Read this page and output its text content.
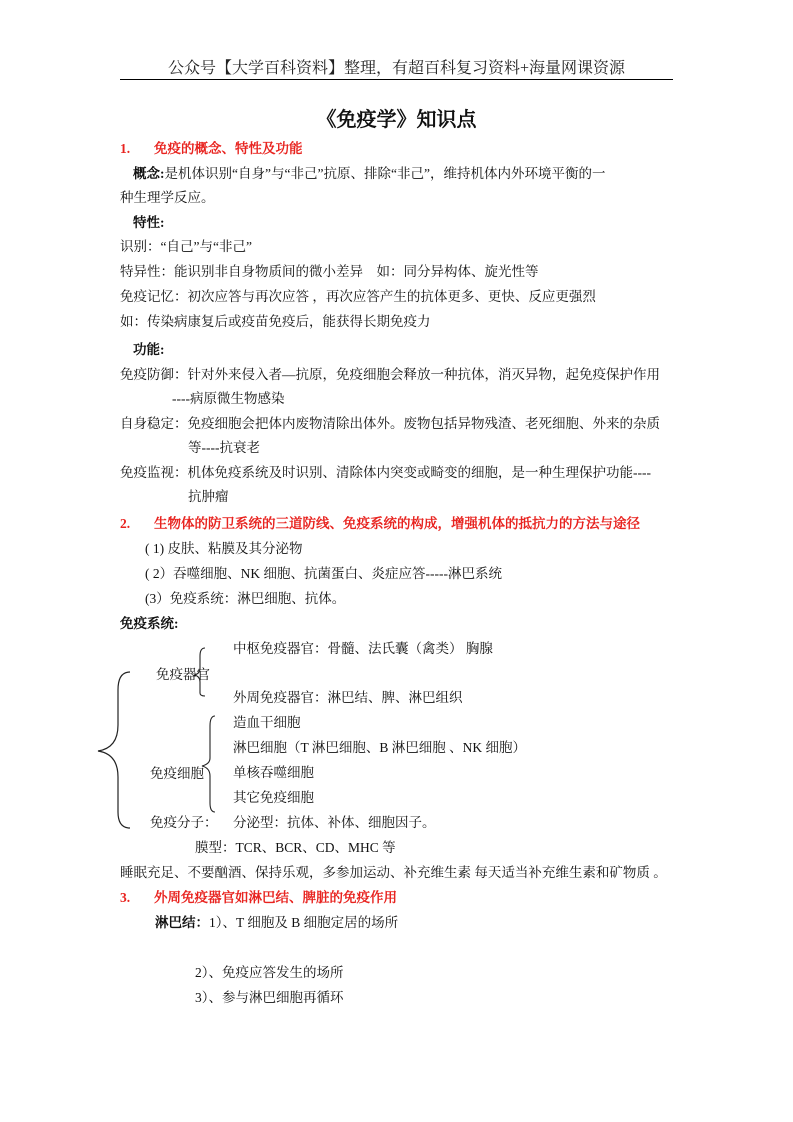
公众号【大学百科资料】整理，有超百科复习资料+海量网课资源
《免疫学》知识点
1. 免疫的概念、特性及功能
概念:是机体识别“自身”与“非己”抗原、排除“非己”，维持机体内外环境平衡的一
种生理学反应。
特性:
识别：“自己”与“非己”
特异性：能识别非自身物质间的微小差异　如：同分异构体、旋光性等
免疫记忆：初次应答与再次应答 ，再次应答产生的抗体更多、更快、反应更强烈
如：传染病康复后或疫苗免疫后，能获得长期免疫力
功能:
免疫防御：针对外来侵入者—抗原，免疫细胞会释放一种抗体，消灭异物，起免疫保护作用
----病原微生物感染
自身稳定：免疫细胞会把体内废物清除出体外。废物包括异物残渣、老死细胞、外来的杂质
等----抗衰老
免疫监视：机体免疫系统及时识别、清除体内突变或畸变的细胞，是一种生理保护功能----
抗肿瘤
2. 生物体的防卫系统的三道防线、免疫系统的构成，增强机体的抵抗力的方法与途径
( 1) 皮肤、粘膜及其分泌物
( 2）吞噬细胞、NK 细胞、抗菌蛋白、炎症应答-----淋巴系统
(3）免疫系统：淋巴细胞、抗体。
免疫系统:
中枢免疫器官：骨髓、法氏囊（禽类） 胸腺
免疫器官
外周免疫器官：淋巴结、脾、淋巴组织
造血干细胞
淋巴细胞（T 淋巴细胞、B 淋巴细胞 、NK 细胞）
单核吞噬细胞
免疫细胞
其它免疫细胞
免疫分子： 分泌型：抗体、补体、细胞因子。
膜型：TCR、BCR、CD、MHC 等
睡眠充足、不要酗酒、保持乐观，多参加运动、补充维生素 每天适当补充维生素和矿物质 。
3. 外周免疫器官如淋巴结、脾脏的免疫作用
淋巴结：1）、T 细胞及 B 细胞定居的场所
2）、免疫应答发生的场所
3）、参与淋巴细胞再循环
